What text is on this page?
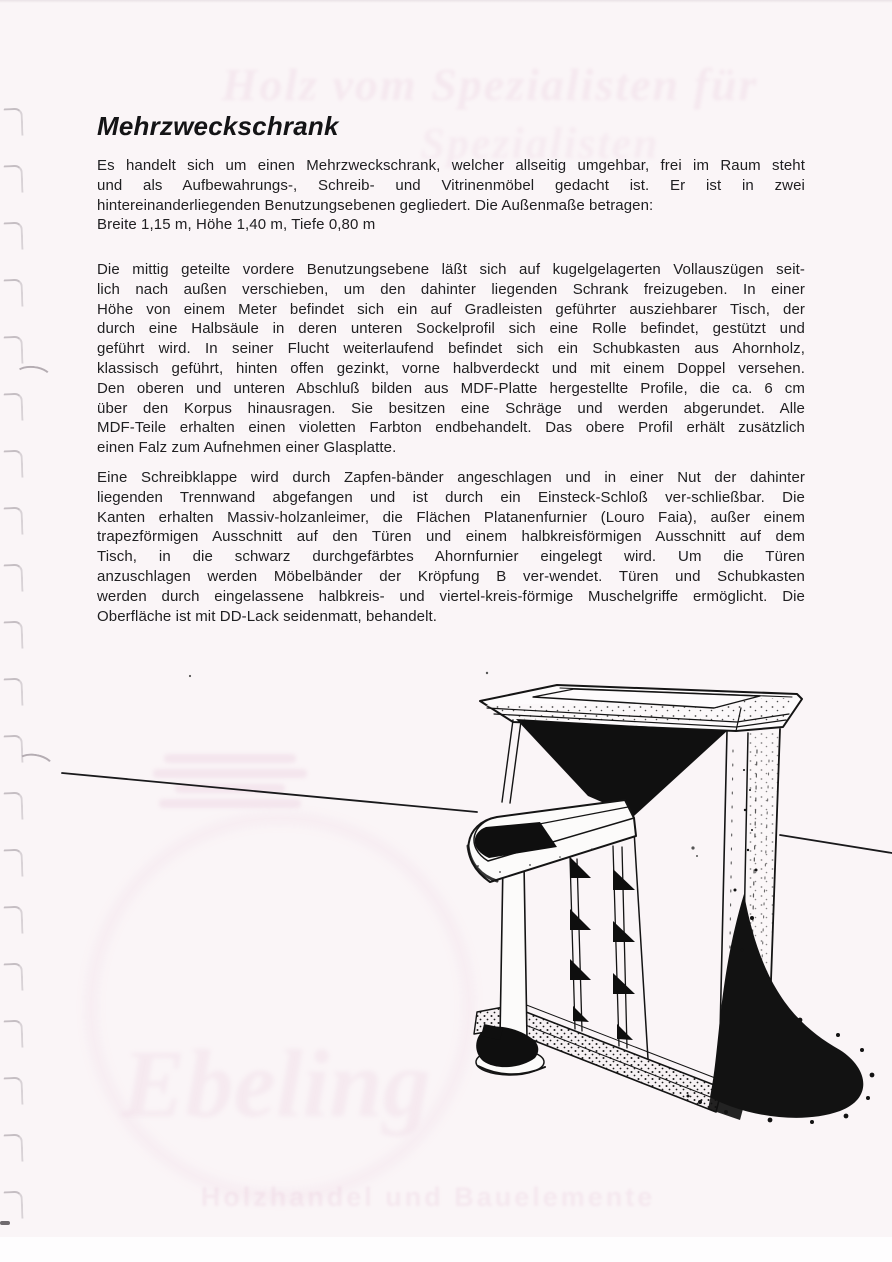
Holz vom Spezialisten für
Spezialisten
Mehrzweckschrank
Es handelt sich um einen Mehrzweckschrank, welcher allseitig umgehbar, frei im Raum steht
und als Aufbewahrungs-, Schreib- und Vitrinenmöbel gedacht ist. Er ist in zwei
hintereinanderliegenden Benutzungsebenen gegliedert. Die Außenmaße betragen:
Breite 1,15 m, Höhe 1,40 m, Tiefe 0,80 m
Die mittig geteilte vordere Benutzungsebene läßt sich auf kugelgelagerten Vollauszügen seit-
lich nach außen verschieben, um den dahinter liegenden Schrank freizugeben. In einer
Höhe von einem Meter befindet sich ein auf Gradleisten geführter ausziehbarer Tisch, der
durch eine Halbsäule in deren unteren Sockelprofil sich eine Rolle befindet, gestützt und
geführt wird. In seiner Flucht weiterlaufend befindet sich ein Schubkasten aus Ahornholz,
klassisch geführt, hinten offen gezinkt, vorne halbverdeckt und mit einem Doppel versehen.
Den oberen und unteren Abschluß bilden aus MDF-Platte hergestellte Profile, die ca. 6 cm
über den Korpus hinausragen. Sie besitzen eine Schräge und werden abgerundet. Alle
MDF-Teile erhalten einen violetten Farbton endbehandelt. Das obere Profil erhält zusätzlich
einen Falz zum Aufnehmen einer Glasplatte.
Eine Schreibklappe wird durch Zapfen-bänder angeschlagen und in einer Nut der dahinter
liegenden Trennwand abgefangen und ist durch ein Einsteck-Schloß ver-schließbar. Die
Kanten erhalten Massiv-holzanleimer, die Flächen Platanenfurnier (Louro Faia), außer einem
trapezförmigen Ausschnitt auf den Türen und einem halbkreisförmigen Ausschnitt auf dem
Tisch, in die schwarz durchgefärbtes Ahornfurnier eingelegt wird. Um die Türen
anzuschlagen werden Möbelbänder der Kröpfung B ver-wendet. Türen und Schubkasten
werden durch eingelassene halbkreis- und viertel-kreis-förmige Muschelgriffe ermöglicht. Die
Oberfläche ist mit DD-Lack seidenmatt, behandelt.
Ebeling
Holzhandel und Bauelemente
